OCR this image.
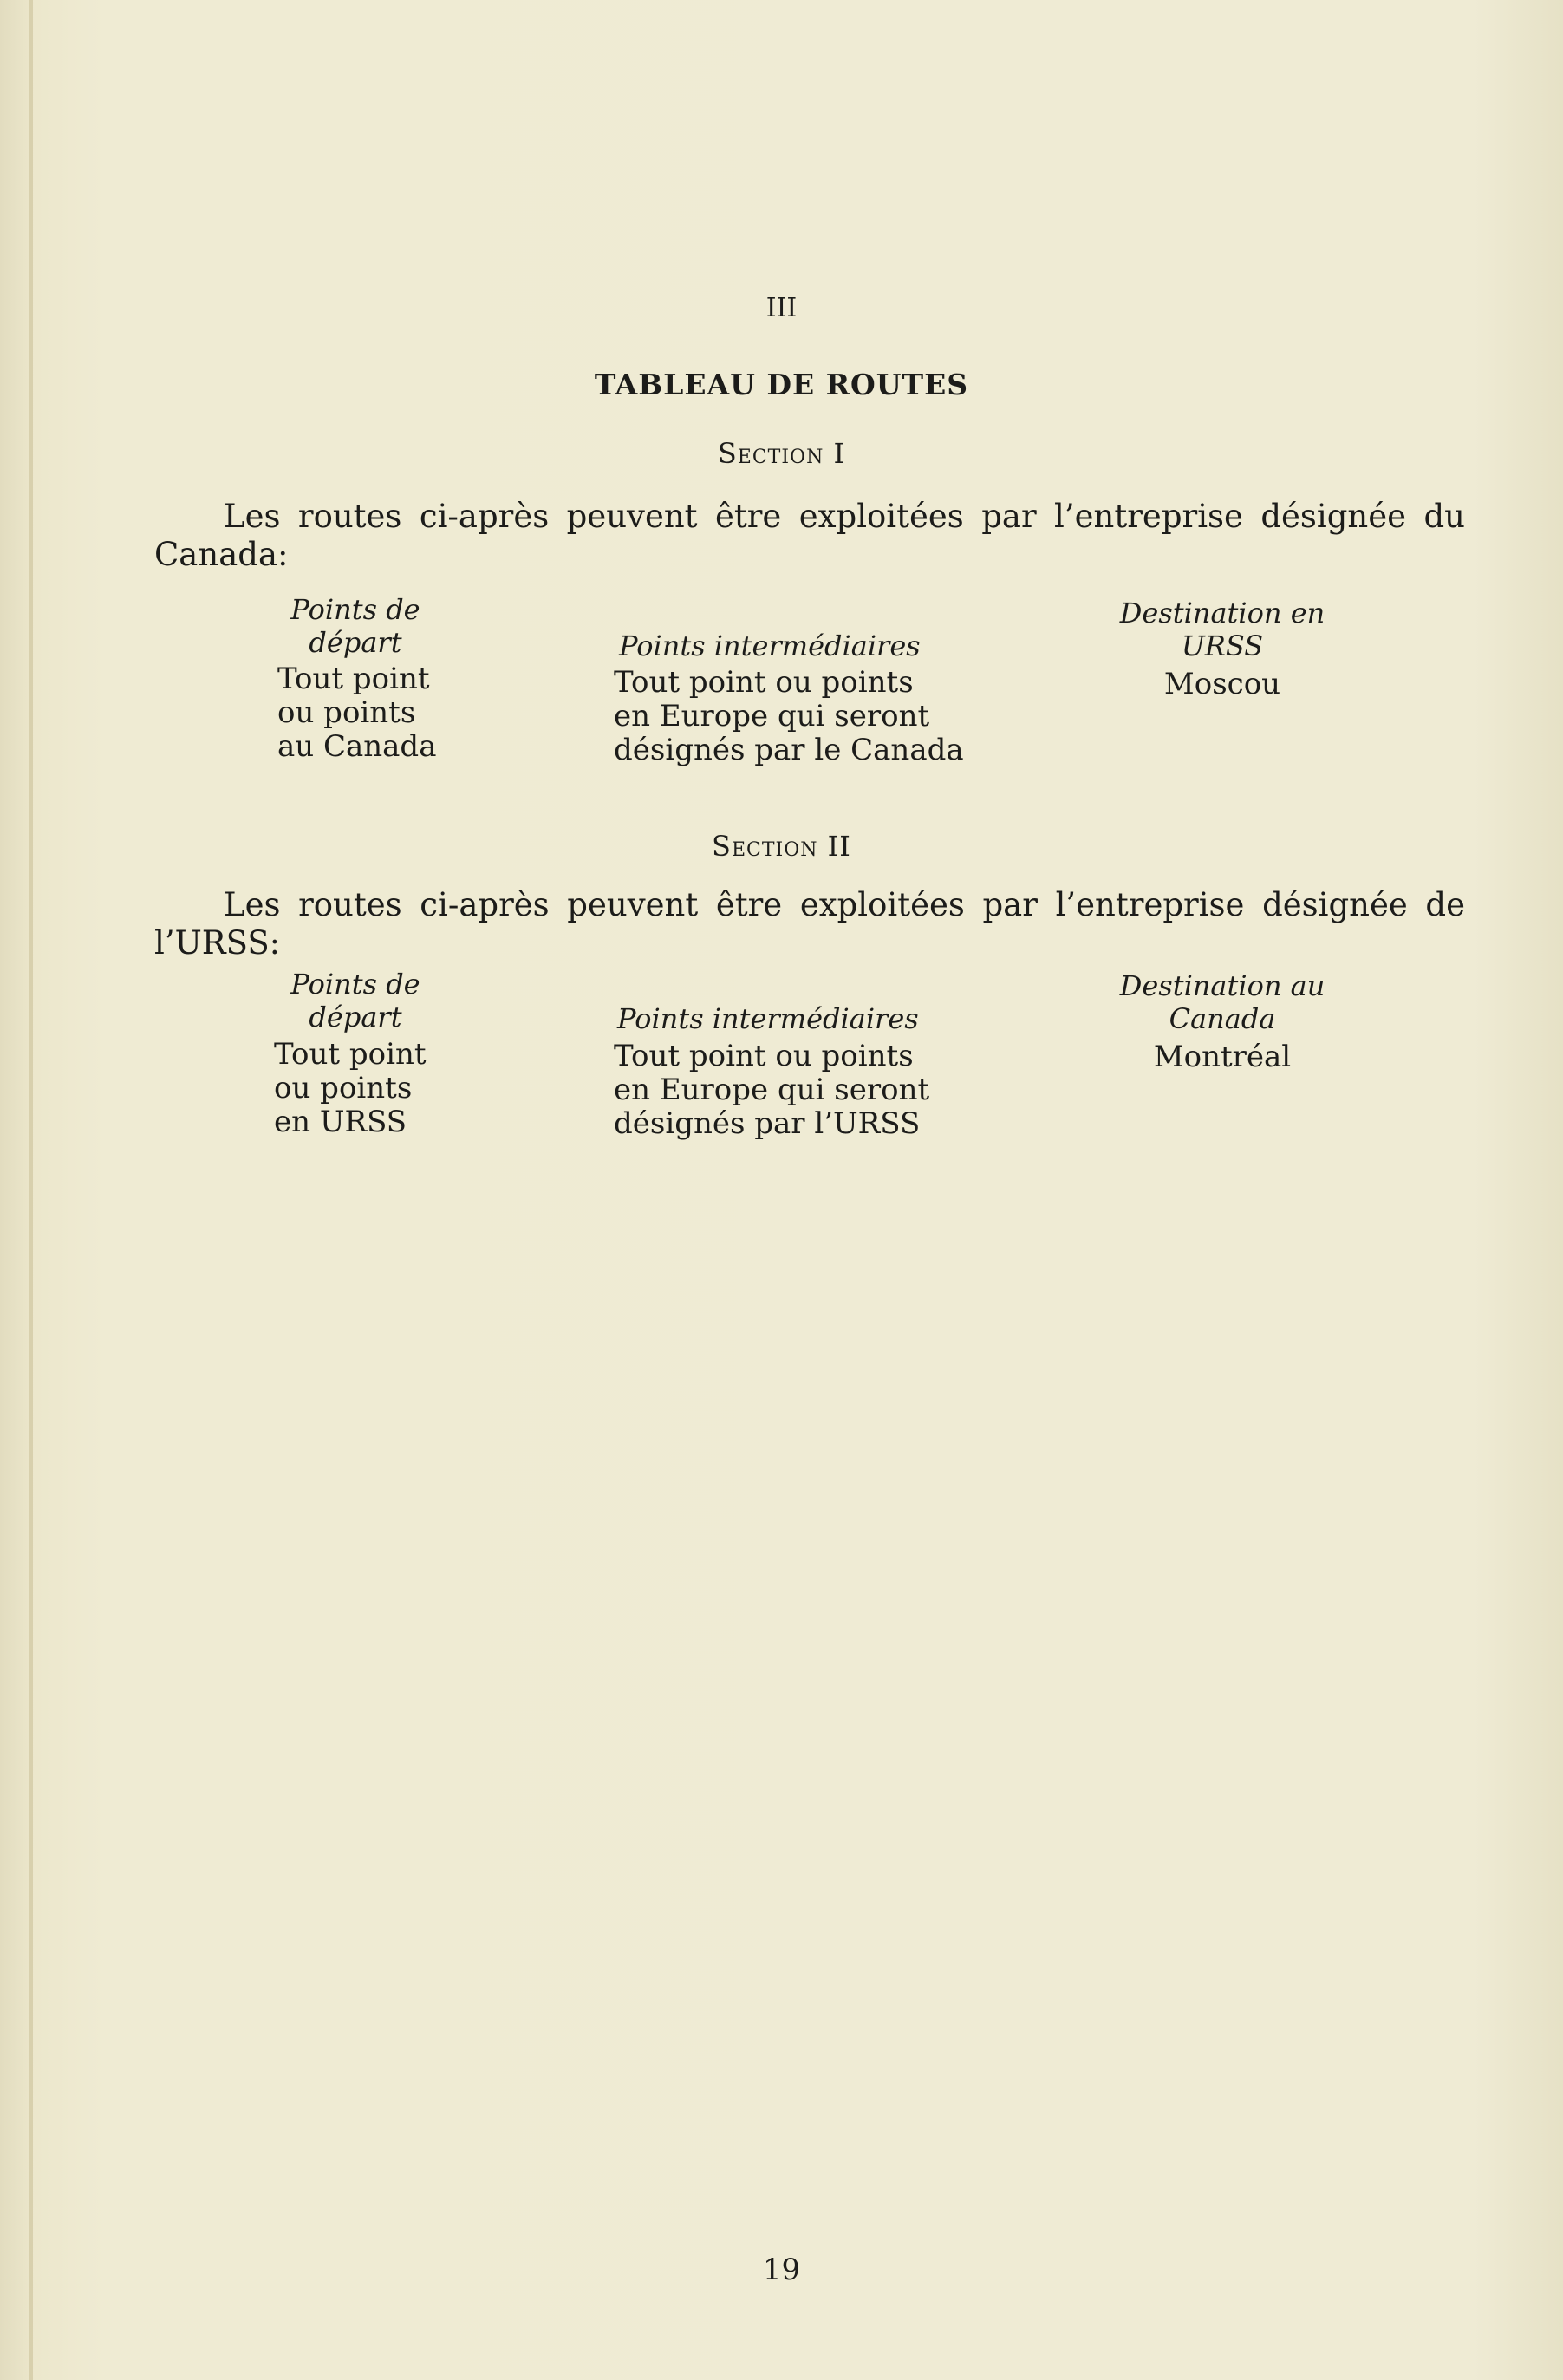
III
TABLEAU DE ROUTES
Section I
Les routes ci-après peuvent être exploitées par l’entreprise désignée du Canada:
Points de
départ
Tout point
ou points
au Canada
Points intermédiaires
Tout point ou points
en Europe qui seront
désignés par le Canada
Destination en
URSS
Moscou
Section II
Les routes ci-après peuvent être exploitées par l’entreprise désignée de l’URSS:
Points de
départ
Tout point
ou points
en URSS
Points intermédiaires
Tout point ou points
en Europe qui seront
désignés par l’URSS
Destination au
Canada
Montréal
19
